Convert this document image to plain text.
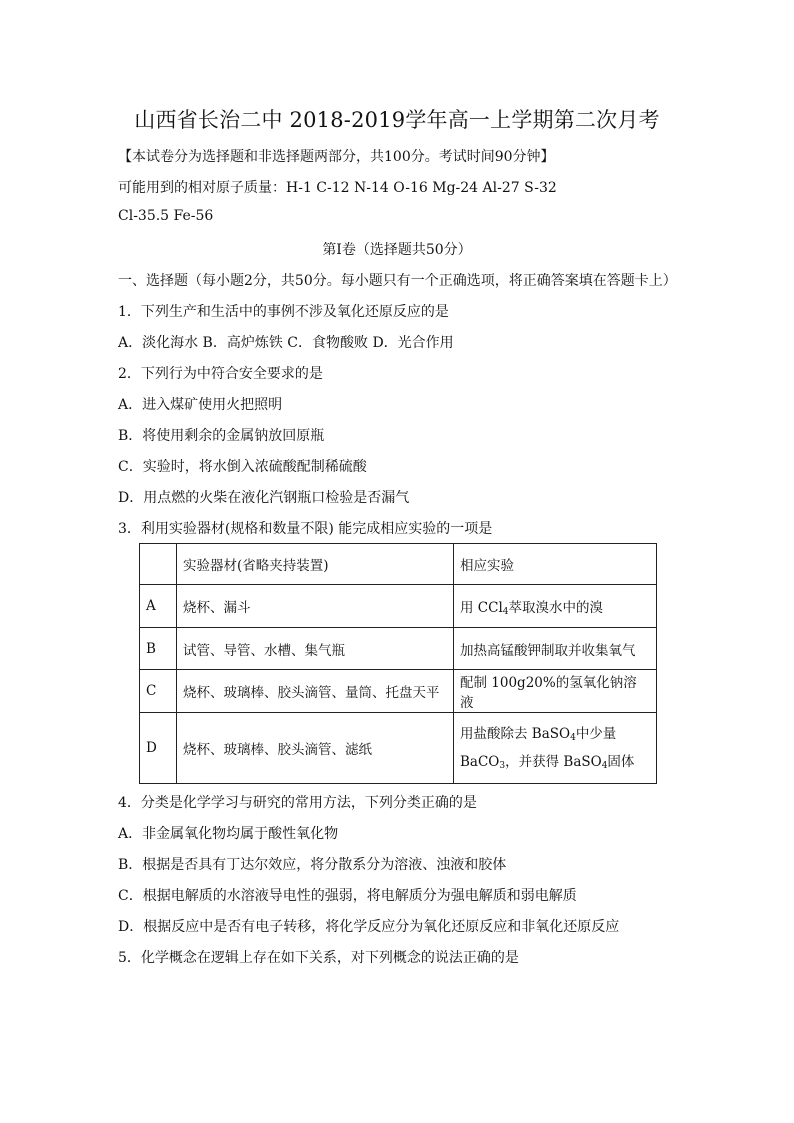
山西省长治二中 2018-2019学年高一上学期第二次月考
【本试卷分为选择题和非选择题两部分，共100分。考试时间90分钟】
可能用到的相对原子质量：H-1 C-12 N-14 O-16 Mg-24 Al-27 S-32
Cl-35.5 Fe-56
第Ⅰ卷（选择题共50分）
一、选择题（每小题2分，共50分。每小题只有一个正确选项，将正确答案填在答题卡上）
1．下列生产和生活中的事例不涉及氧化还原反应的是
A．淡化海水 B．高炉炼铁 C．食物酸败 D．光合作用
2．下列行为中符合安全要求的是
A．进入煤矿使用火把照明
B．将使用剩余的金属钠放回原瓶
C．实验时，将水倒入浓硫酸配制稀硫酸
D．用点燃的火柴在液化汽钢瓶口检验是否漏气
3．利用实验器材(规格和数量不限) 能完成相应实验的一项是
	实验器材(省略夹持装置)	相应实验
A	烧杯、漏斗	用 CCl$_4$萃取溴水中的溴
B	试管、导管、水槽、集气瓶	加热高锰酸钾制取并收集氧气
C	烧杯、玻璃棒、胶头滴管、量筒、托盘天平	配制 100g20%的氢氧化钠溶液
D	烧杯、玻璃棒、胶头滴管、滤纸	用盐酸除去 BaSO$_4$中少量
BaCO$_3$，并获得 BaSO$_4$固体
4．分类是化学学习与研究的常用方法，下列分类正确的是
A．非金属氧化物均属于酸性氧化物
B．根据是否具有丁达尔效应，将分散系分为溶液、浊液和胶体
C．根据电解质的水溶液导电性的强弱，将电解质分为强电解质和弱电解质
D．根据反应中是否有电子转移，将化学反应分为氧化还原反应和非氧化还原反应
5．化学概念在逻辑上存在如下关系，对下列概念的说法正确的是
